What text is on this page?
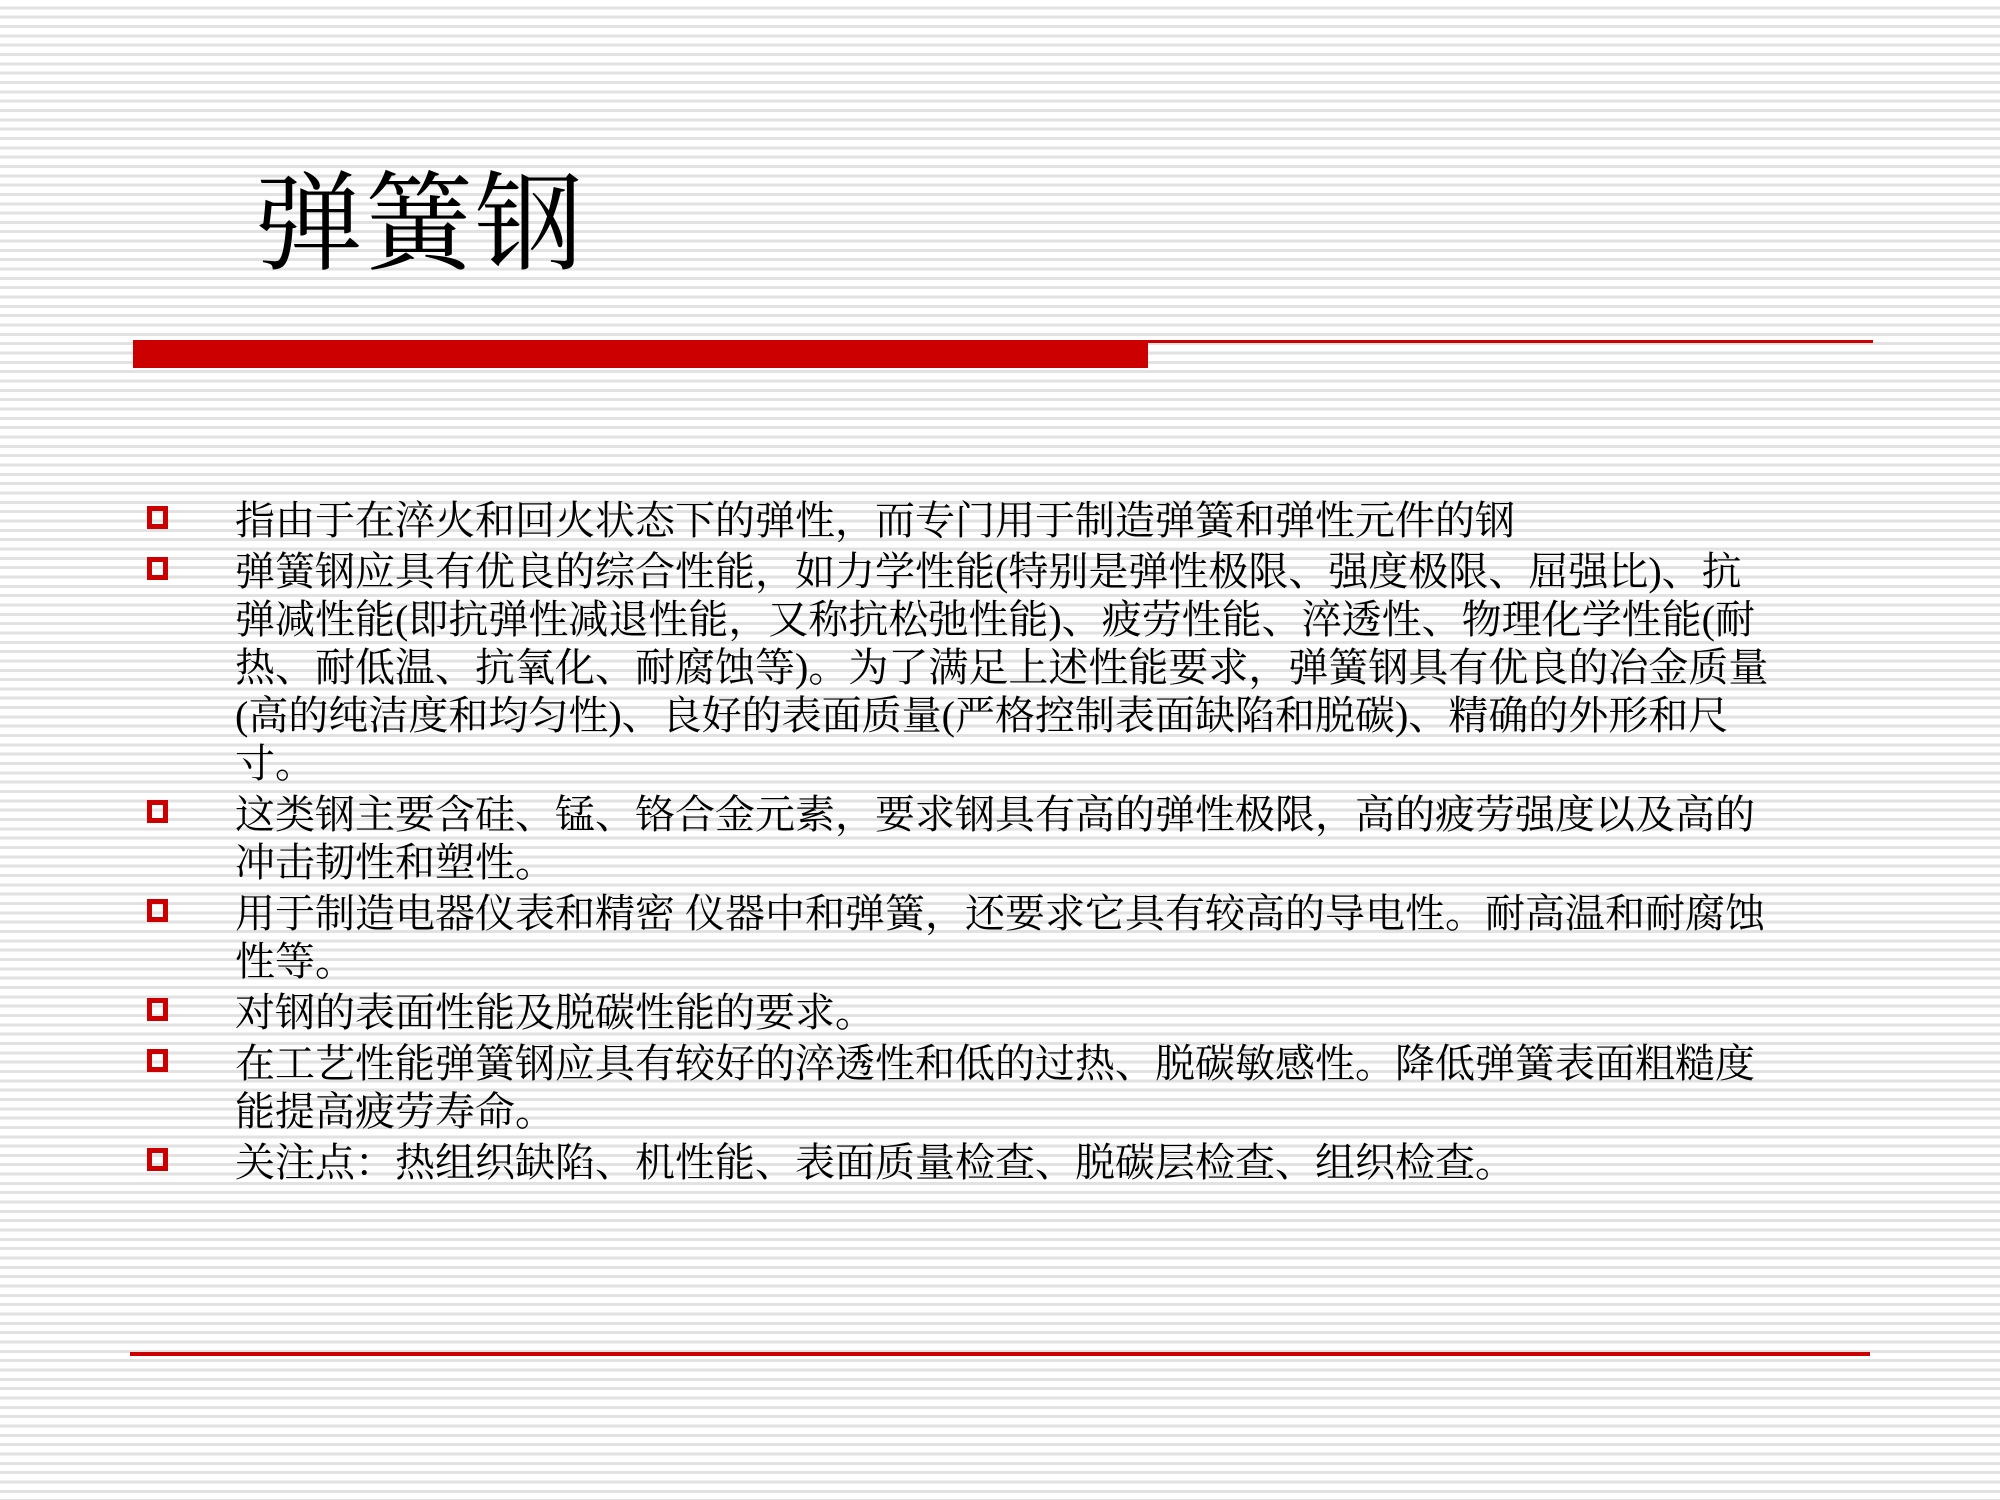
弹簧钢
指由于在淬火和回火状态下的弹性，而专门用于制造弹簧和弹性元件的钢
弹簧钢应具有优良的综合性能，如力学性能(特别是弹性极限、强度极限、屈强比)、抗弹减性能(即抗弹性减退性能，又称抗松弛性能)、疲劳性能、淬透性、物理化学性能(耐热、耐低温、抗氧化、耐腐蚀等)。为了满足上述性能要求，弹簧钢具有优良的冶金质量(高的纯洁度和均匀性)、良好的表面质量(严格控制表面缺陷和脱碳)、精确的外形和尺寸。
这类钢主要含硅、锰、铬合金元素，要求钢具有高的弹性极限，高的疲劳强度以及高的冲击韧性和塑性。
用于制造电器仪表和精密 仪器中和弹簧，还要求它具有较高的导电性。耐高温和耐腐蚀性等。
对钢的表面性能及脱碳性能的要求。
在工艺性能弹簧钢应具有较好的淬透性和低的过热、脱碳敏感性。降低弹簧表面粗糙度能提高疲劳寿命。
关注点：热组织缺陷、机性能、表面质量检查、脱碳层检查、组织检查。
